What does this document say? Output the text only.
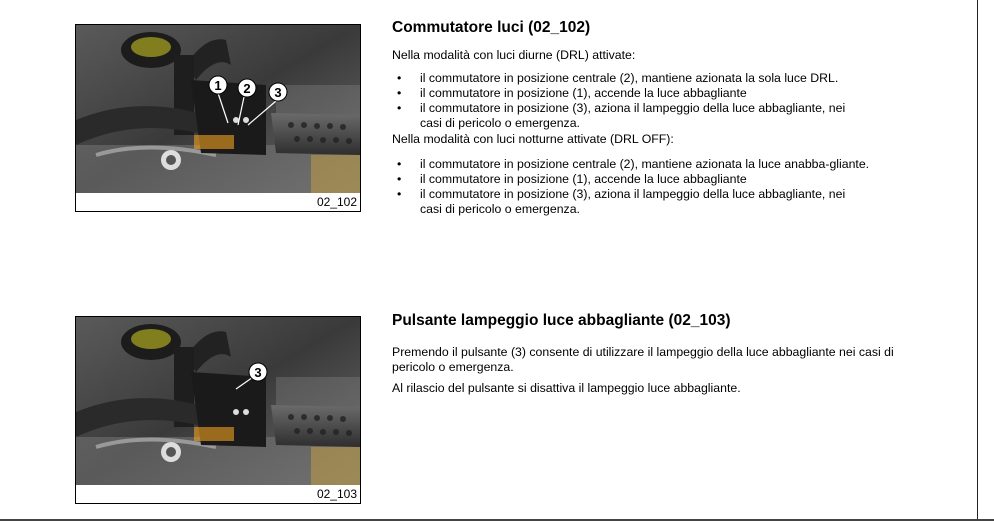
1 2 3
02_102
3
02_103
Commutatore luci (02_102)

Nella modalità con luci diurne (DRL) attivate:

• il commutatore in posizione centrale (2), mantiene azionata la sola luce DRL.
• il commutatore in posizione (1), accende la luce abbagliante
• il commutatore in posizione (3), aziona il lampeggio della luce abbagliante, nei casi di pericolo o emergenza.

Nella modalità con luci notturne attivate (DRL OFF):

• il commutatore in posizione centrale (2), mantiene azionata la luce anabba-gliante.
• il commutatore in posizione (1), accende la luce abbagliante
• il commutatore in posizione (3), aziona il lampeggio della luce abbagliante, nei casi di pericolo o emergenza.
Pulsante lampeggio luce abbagliante (02_103)

Premendo il pulsante (3) consente di utilizzare il lampeggio della luce abbagliante nei casi di pericolo o emergenza.

Al rilascio del pulsante si disattiva il lampeggio luce abbagliante.
